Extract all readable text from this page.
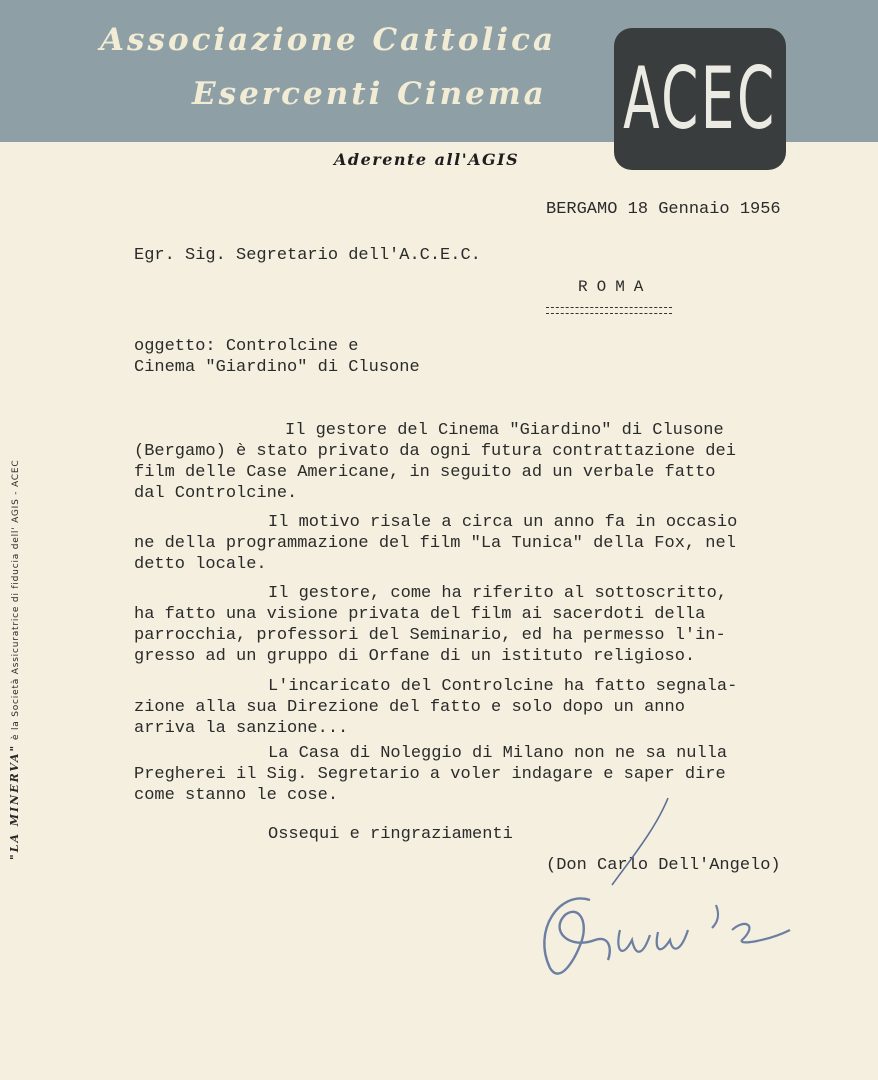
Associazione Cattolica
Esercenti Cinema ACEC
Aderente all'AGIS
"LA MINERVA" è la Società Assicuratrice di fiducia dell' AGIS - ACEC
BERGAMO 18 Gennaio 1956
Egr. Sig. Segretario dell'A.C.E.C.
ROMA
oggetto: Controlcine e
Cinema "Giardino" di Clusone
Il gestore del Cinema "Giardino" di Clusone
(Bergamo) è stato privato da ogni futura contrattazione dei
film delle Case Americane, in seguito ad un verbale fatto
dal Controlcine.
Il motivo risale a circa un anno fa in occasio
ne della programmazione del film "La Tunica" della Fox, nel
detto locale.
Il gestore, come ha riferito al sottoscritto,
ha fatto una visione privata del film ai sacerdoti della
parrocchia, professori del Seminario, ed ha permesso l'in-
gresso ad un gruppo di Orfane di un istituto religioso.
L'incaricato del Controlcine ha fatto segnala-
zione alla sua Direzione del fatto e solo dopo un anno
arriva la sanzione...
La Casa di Noleggio di Milano non ne sa nulla
Pregherei il Sig. Segretario a voler indagare e saper dire
come stanno le cose.
Ossequi e ringraziamenti
(Don Carlo Dell'Angelo)
